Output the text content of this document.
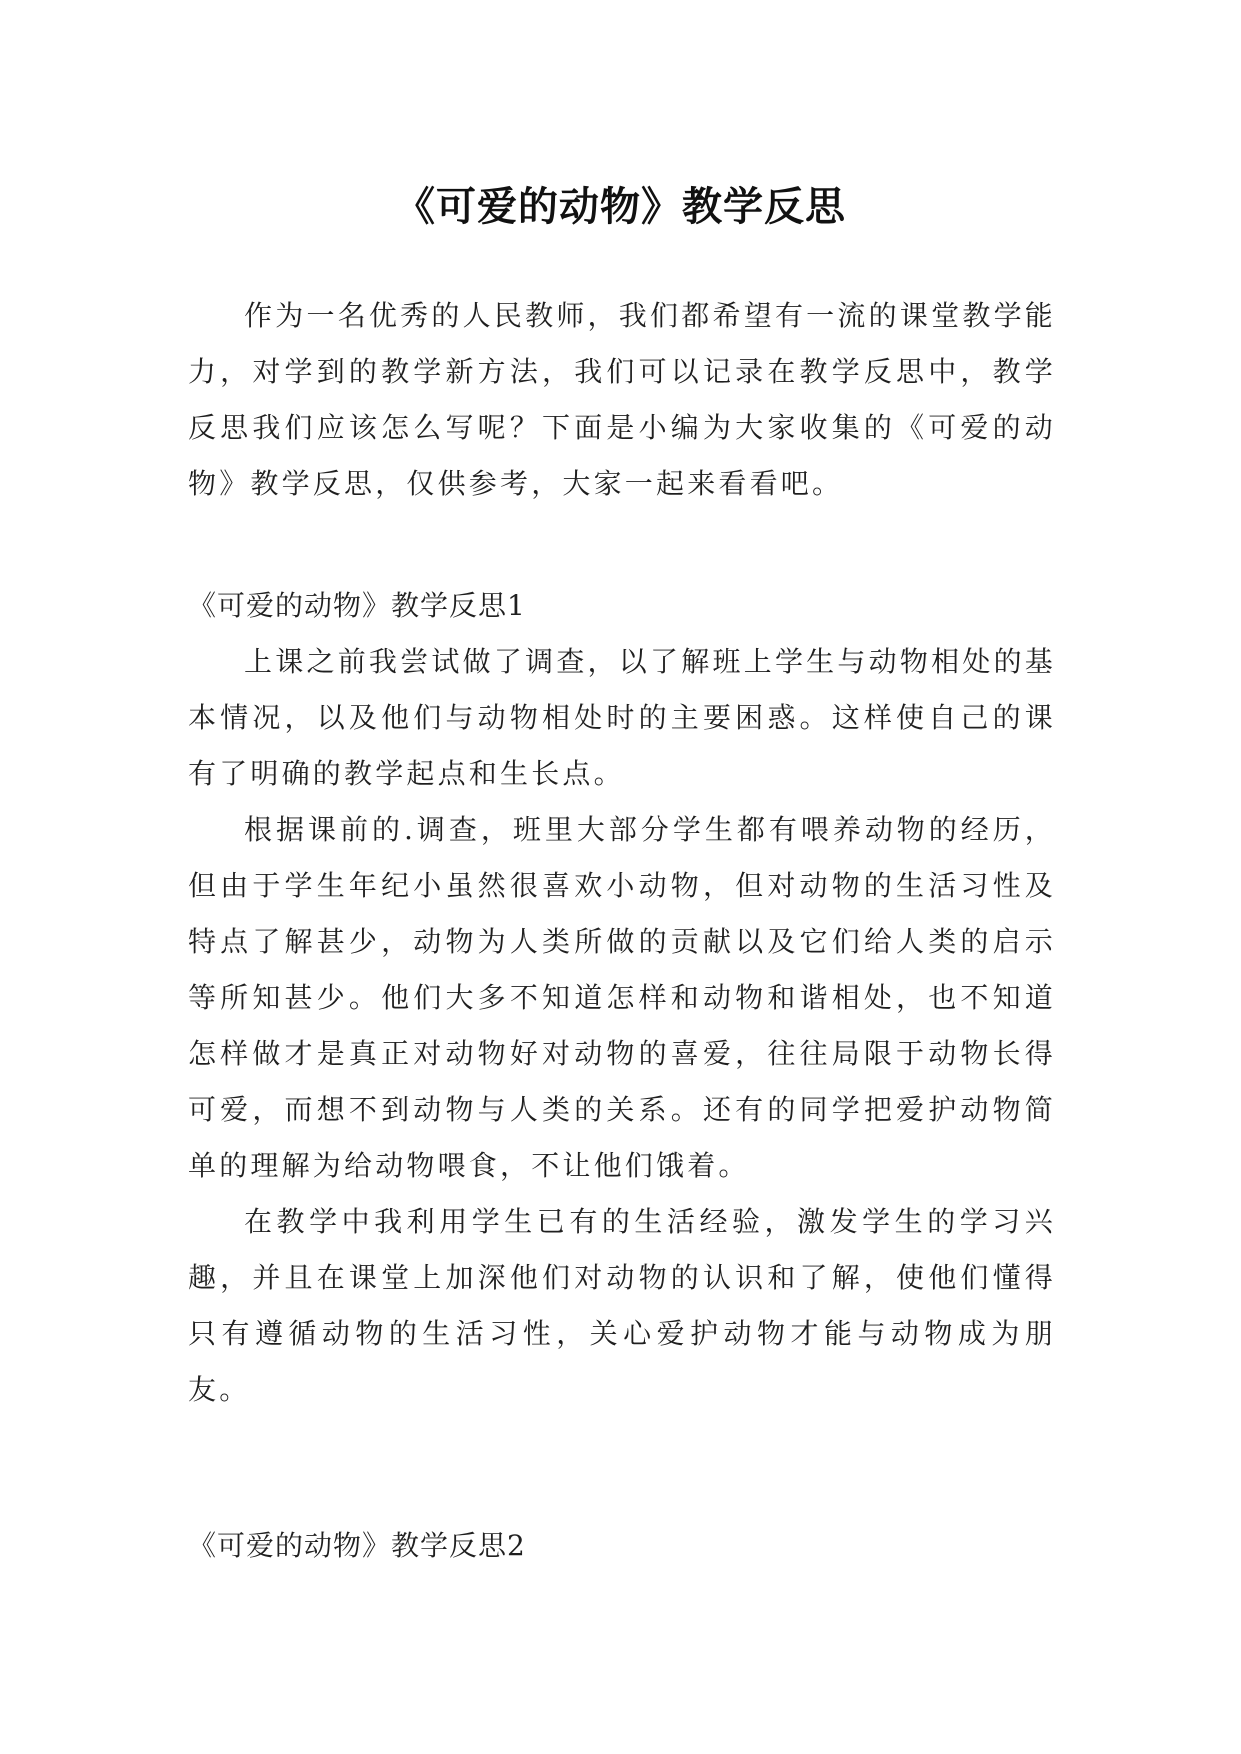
《可爱的动物》教学反思

作为一名优秀的人民教师，我们都希望有一流的课堂教学能力，对学到的教学新方法，我们可以记录在教学反思中，教学反思我们应该怎么写呢？下面是小编为大家收集的《可爱的动物》教学反思，仅供参考，大家一起来看看吧。

《可爱的动物》教学反思1

上课之前我尝试做了调查，以了解班上学生与动物相处的基本情况，以及他们与动物相处时的主要困惑。这样使自己的课有了明确的教学起点和生长点。

根据课前的.调查，班里大部分学生都有喂养动物的经历，但由于学生年纪小虽然很喜欢小动物，但对动物的生活习性及特点了解甚少，动物为人类所做的贡献以及它们给人类的启示等所知甚少。他们大多不知道怎样和动物和谐相处，也不知道怎样做才是真正对动物好对动物的喜爱，往往局限于动物长得可爱，而想不到动物与人类的关系。还有的同学把爱护动物简单的理解为给动物喂食，不让他们饿着。

在教学中我利用学生已有的生活经验，激发学生的学习兴趣，并且在课堂上加深他们对动物的认识和了解，使他们懂得只有遵循动物的生活习性，关心爱护动物才能与动物成为朋友。

《可爱的动物》教学反思2
